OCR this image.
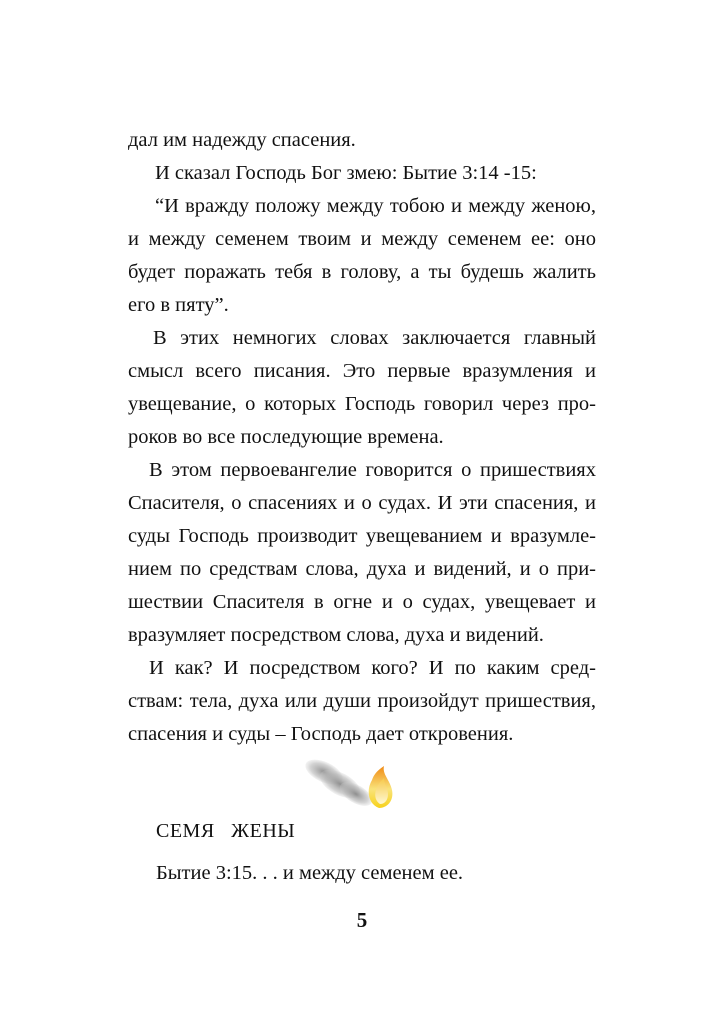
дал им надежду спасения.
И сказал Господь Бог змею: Бытие 3:14 -15:
“И вражду положу между тобою и между женою,
и между семенем твоим и между семенем ее: оно
будет поражать тебя в голову, а ты будешь жалить
его в пяту”.
В этих немногих словах заключается главный
смысл всего писания. Это первые вразумления и
увещевание, о которых Господь говорил через про-
роков во все последующие времена.
В этом первоевангелие говорится о пришествиях
Спасителя, о спасениях и о судах. И эти спасения, и
суды Господь производит увещеванием и вразумле-
нием по средствам слова, духа и видений, и о при-
шествии Спасителя в огне и о судах, увещевает и
вразумляет посредством слова, духа и видений.
И как? И посредством кого? И по каким сред-
ствам: тела, духа или души произойдут пришествия,
спасения и суды – Господь дает откровения.
СЕМЯ   ЖЕНЫ
Бытие 3:15. . . и между семенем ее.
5
